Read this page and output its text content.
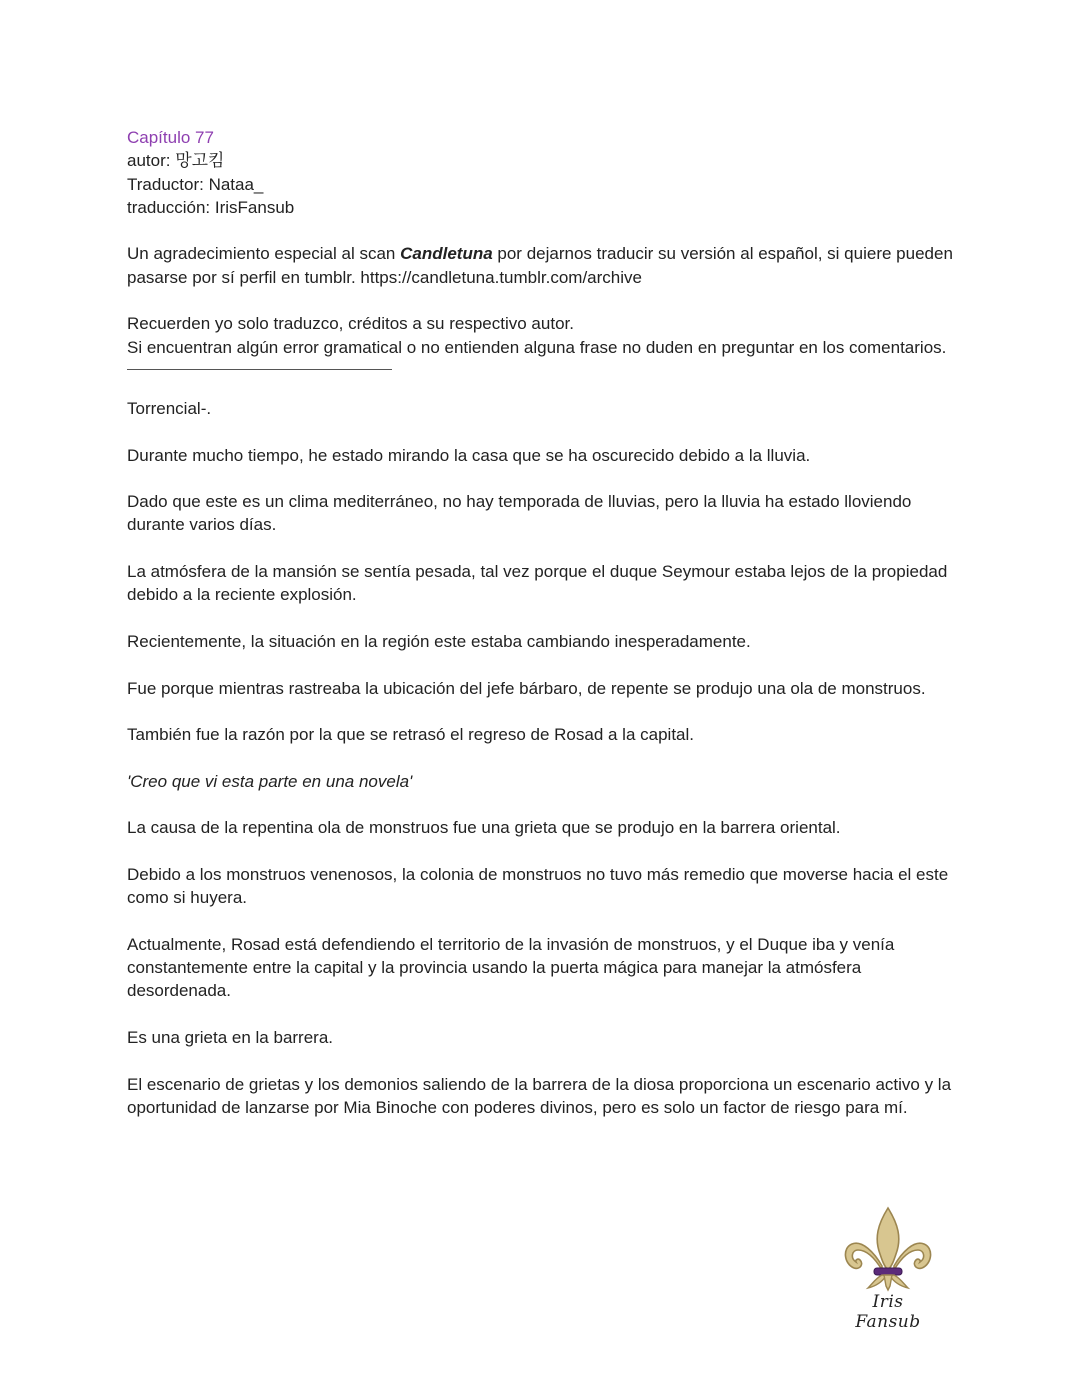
Capítulo 77
autor: 망고킴
Traductor: Nataa_
traducción: IrisFansub

Un agradecimiento especial al scan Candletuna por dejarnos traducir su versión al español, si quiere pueden pasarse por sí perfil en tumblr. https://candletuna.tumblr.com/archive

Recuerden yo solo traduzco, créditos a su respectivo autor.
Si encuentran algún error gramatical o no entienden alguna frase no duden en preguntar en los comentarios.

Torrencial-.

Durante mucho tiempo, he estado mirando la casa que se ha oscurecido debido a la lluvia.

Dado que este es un clima mediterráneo, no hay temporada de lluvias, pero la lluvia ha estado lloviendo durante varios días.

La atmósfera de la mansión se sentía pesada, tal vez porque el duque Seymour estaba lejos de la propiedad debido a la reciente explosión.

Recientemente, la situación en la región este estaba cambiando inesperadamente.

Fue porque mientras rastreaba la ubicación del jefe bárbaro, de repente se produjo una ola de monstruos.

También fue la razón por la que se retrasó el regreso de Rosad a la capital.

'Creo que vi esta parte en una novela'

La causa de la repentina ola de monstruos fue una grieta que se produjo en la barrera oriental.

Debido a los monstruos venenosos, la colonia de monstruos no tuvo más remedio que moverse hacia el este como si huyera.

Actualmente, Rosad está defendiendo el territorio de la invasión de monstruos, y el Duque iba y venía constantemente entre la capital y la provincia usando la puerta mágica para manejar la atmósfera desordenada.

Es una grieta en la barrera.

El escenario de grietas y los demonios saliendo de la barrera de la diosa proporciona un escenario activo y la oportunidad de lanzarse por Mia Binoche con poderes divinos, pero es solo un factor de riesgo para mí.

Iris Fansub
